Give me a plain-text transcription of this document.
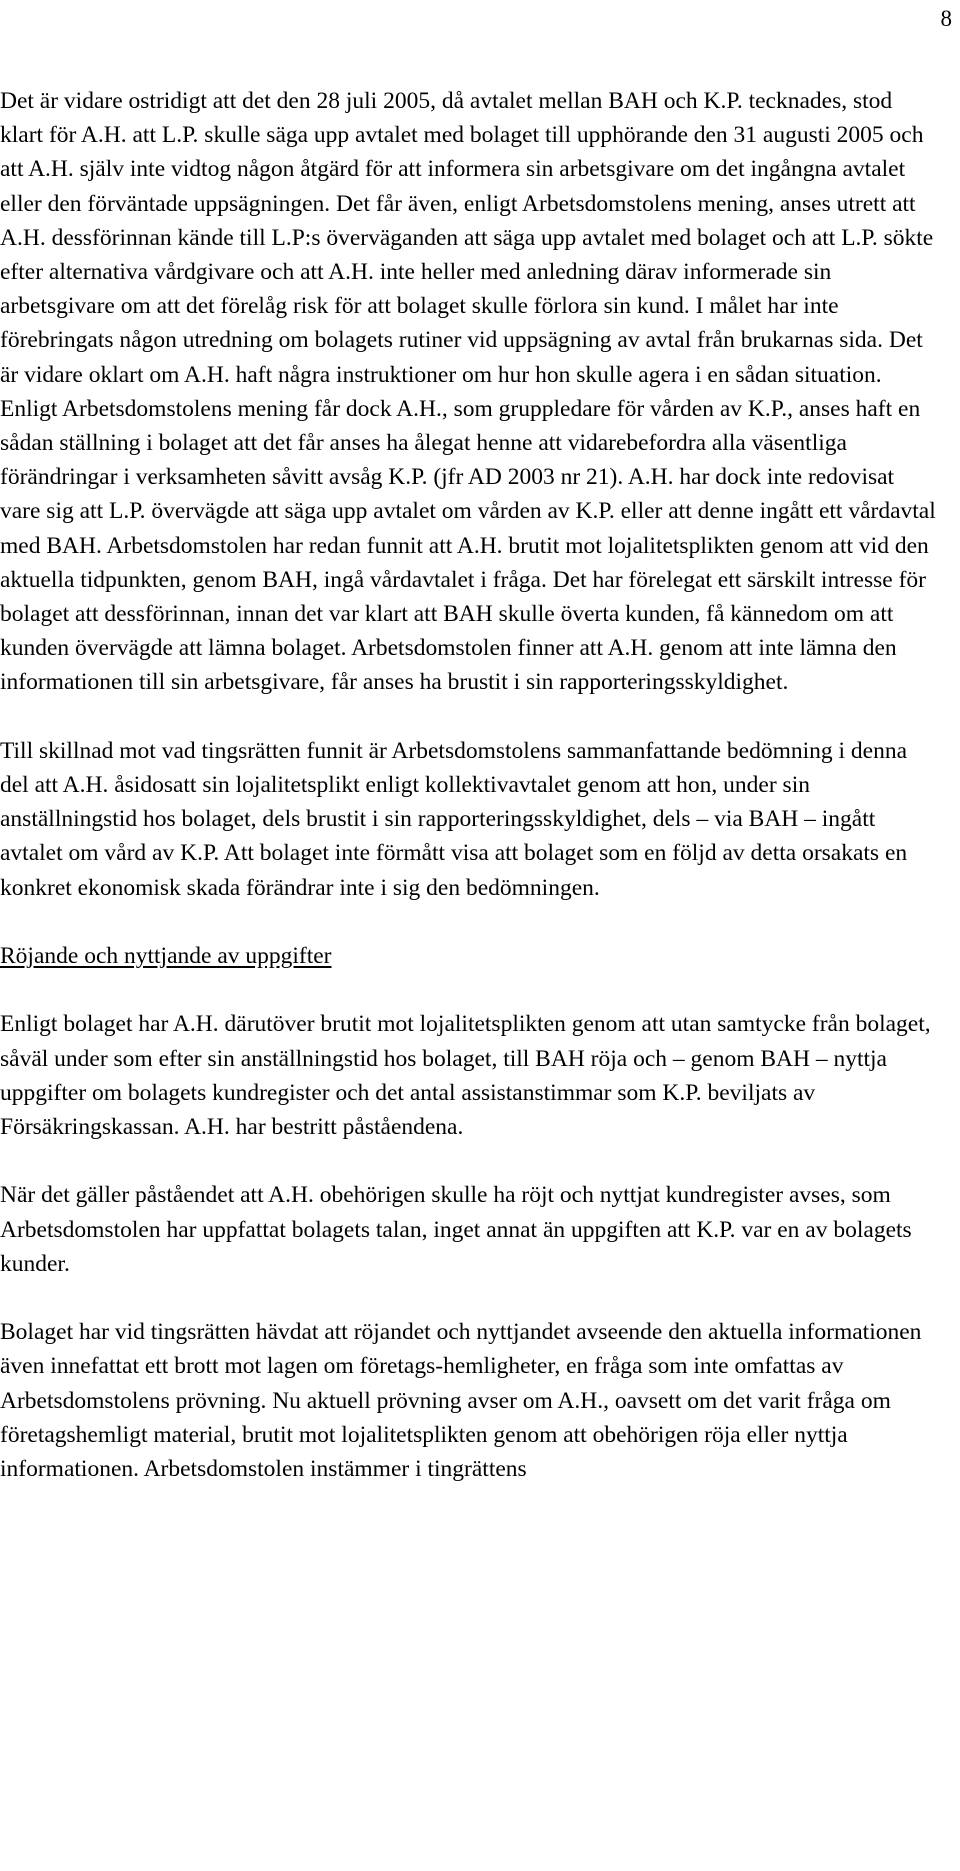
8

Det är vidare ostridigt att det den 28 juli 2005, då avtalet mellan BAH och K.P. tecknades, stod klart för A.H. att L.P. skulle säga upp avtalet med bolaget till upphörande den 31 augusti 2005 och att A.H. själv inte vidtog någon åtgärd för att informera sin arbetsgivare om det ingångna avtalet eller den förväntade uppsägningen. Det får även, enligt Arbetsdomstolens mening, anses utrett att A.H. dessförinnan kände till L.P:s överväganden att säga upp avtalet med bolaget och att L.P. sökte efter alternativa vårdgivare och att A.H. inte heller med anledning därav informerade sin arbetsgivare om att det förelåg risk för att bolaget skulle förlora sin kund. I målet har inte förebringats någon utredning om bolagets rutiner vid uppsägning av avtal från brukarnas sida. Det är vidare oklart om A.H. haft några instruktioner om hur hon skulle agera i en sådan situation. Enligt Arbetsdomstolens mening får dock A.H., som gruppledare för vården av K.P., anses haft en sådan ställning i bolaget att det får anses ha ålegat henne att vidarebefordra alla väsentliga förändringar i verksamheten såvitt avsåg K.P. (jfr AD 2003 nr 21). A.H. har dock inte redovisat vare sig att L.P. övervägde att säga upp avtalet om vården av K.P. eller att denne ingått ett vårdavtal med BAH. Arbetsdomstolen har redan funnit att A.H. brutit mot lojalitetsplikten genom att vid den aktuella tidpunkten, genom BAH, ingå vårdavtalet i fråga. Det har förelegat ett särskilt intresse för bolaget att dessförinnan, innan det var klart att BAH skulle överta kunden, få kännedom om att kunden övervägde att lämna bolaget. Arbetsdomstolen finner att A.H. genom att inte lämna den informationen till sin arbetsgivare, får anses ha brustit i sin rapporteringsskyldighet.

Till skillnad mot vad tingsrätten funnit är Arbetsdomstolens sammanfattande bedömning i denna del att A.H. åsidosatt sin lojalitetsplikt enligt kollektivavtalet genom att hon, under sin anställningstid hos bolaget, dels brustit i sin rapporteringsskyldighet, dels – via BAH – ingått avtalet om vård av K.P. Att bolaget inte förmått visa att bolaget som en följd av detta orsakats en konkret ekonomisk skada förändrar inte i sig den bedömningen.

Röjande och nyttjande av uppgifter

Enligt bolaget har A.H. därutöver brutit mot lojalitetsplikten genom att utan samtycke från bolaget, såväl under som efter sin anställningstid hos bolaget, till BAH röja och – genom BAH – nyttja uppgifter om bolagets kundregister och det antal assistanstimmar som K.P. beviljats av Försäkringskassan. A.H. har bestritt påståendena.

När det gäller påståendet att A.H. obehörigen skulle ha röjt och nyttjat kundregister avses, som Arbetsdomstolen har uppfattat bolagets talan, inget annat än uppgiften att K.P. var en av bolagets kunder.

Bolaget har vid tingsrätten hävdat att röjandet och nyttjandet avseende den aktuella informationen även innefattat ett brott mot lagen om företags-hemligheter, en fråga som inte omfattas av Arbetsdomstolens prövning. Nu aktuell prövning avser om A.H., oavsett om det varit fråga om företagshemligt material, brutit mot lojalitetsplikten genom att obehörigen röja eller nyttja informationen. Arbetsdomstolen instämmer i tingrättens
